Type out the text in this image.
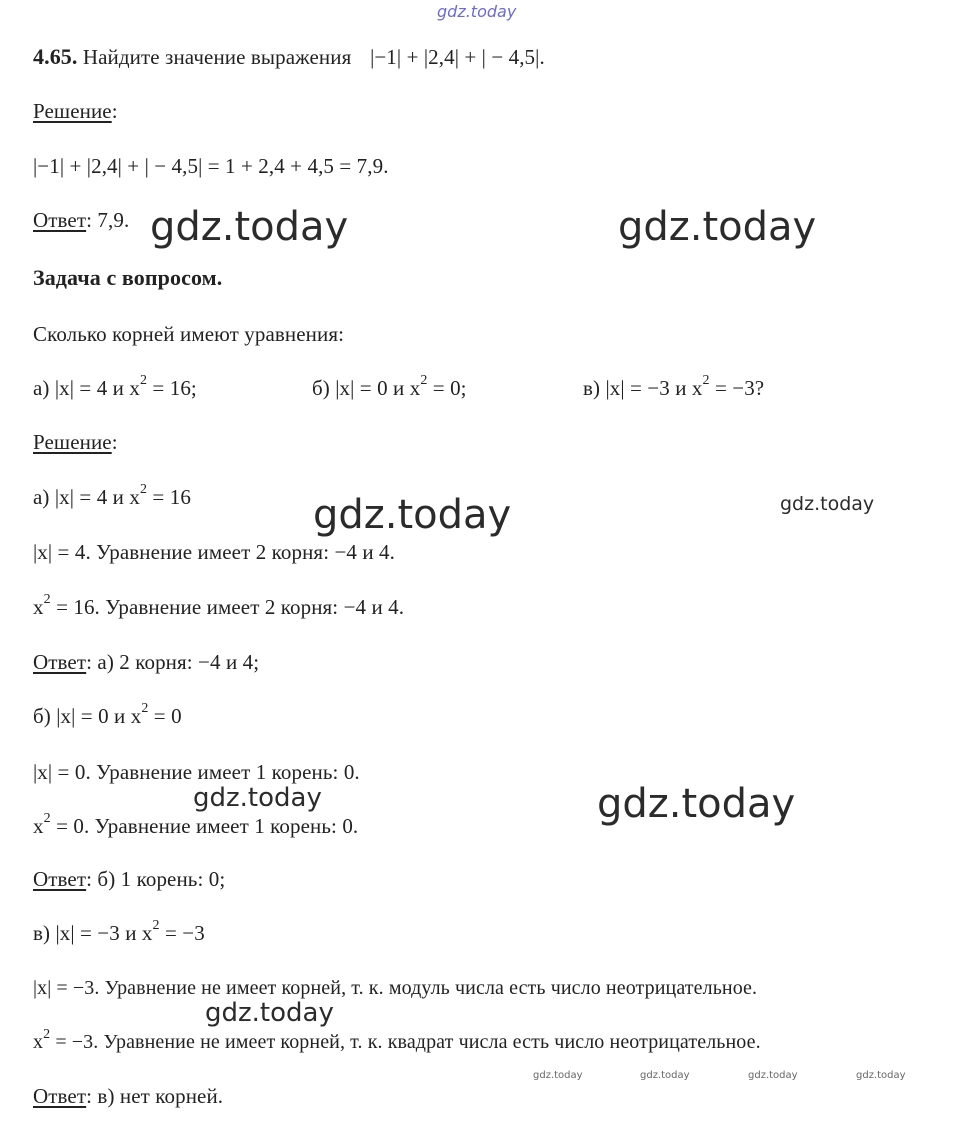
gdz.today
4.65. Найдите значение выражения |−1| + |2,4| + | − 4,5|.
Решение:
|−1| + |2,4| + | − 4,5| = 1 + 2,4 + 4,5 = 7,9.
Ответ: 7,9.
Задача с вопросом.
Сколько корней имеют уравнения:
а) |x| = 4 и $x^2 = 16$;	б) |x| = 0 и $x^2 = 0$;	в) |x| = −3 и $x^2 = -3$?
Решение:
а) |x| = 4 и $x^2 = 16$
|x| = 4. Уравнение имеет 2 корня: −4 и 4.
$x^2 = 16$. Уравнение имеет 2 корня: −4 и 4.
Ответ: а) 2 корня: −4 и 4;
б) |x| = 0 и $x^2 = 0$
|x| = 0. Уравнение имеет 1 корень: 0.
$x^2 = 0$. Уравнение имеет 1 корень: 0.
Ответ: б) 1 корень: 0;
в) |x| = −3 и $x^2 = -3$
|x| = −3. Уравнение не имеет корней, т. к. модуль числа есть число неотрицательное.
$x^2 = -3$. Уравнение не имеет корней, т. к. квадрат числа есть число неотрицательное.
Ответ: в) нет корней.
gdz.today	gdz.today
gdz.today	gdz.today
gdz.today	gdz.today
gdz.today
gdz.today	gdz.today	gdz.today	gdz.today
